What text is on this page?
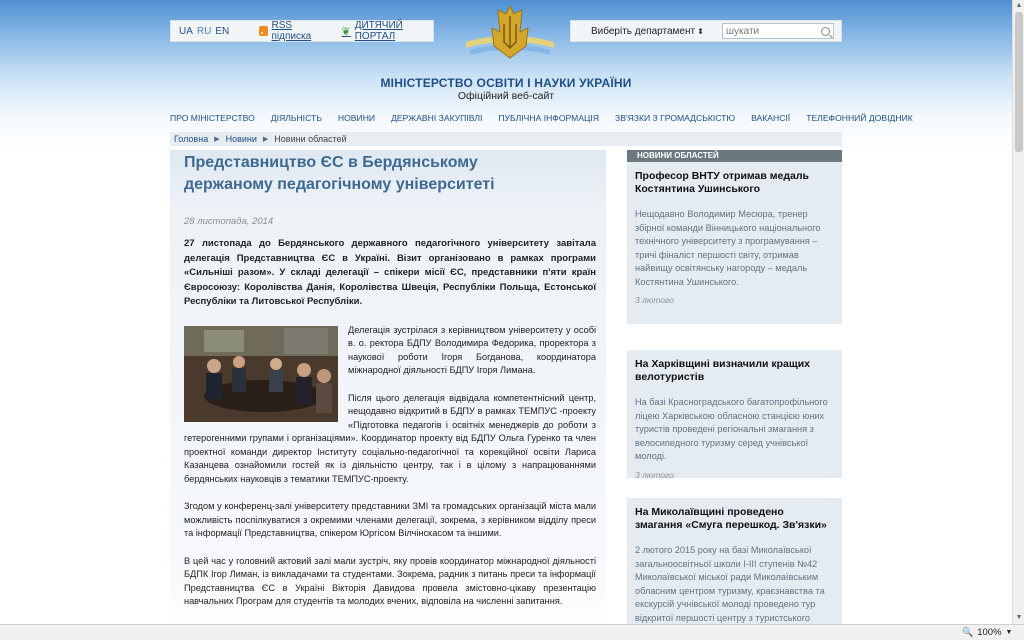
UA RU EN	RSS підписка	❦ ДИТЯЧИЙ ПОРТАЛ	Виберіть департамент ⬍
шукати
МІНІСТЕРСТВО ОСВІТИ І НАУКИ УКРАЇНИ
Офіційний веб-сайт
ПРО МІНІСТЕРСТВО ДІЯЛЬНІСТЬ НОВИНИ ДЕРЖАВНІ ЗАКУПІВЛІ ПУБЛІЧНА ІНФОРМАЦІЯ ЗВ'ЯЗКИ З ГРОМАДСЬКІСТЮ ВАКАНСІЇ ТЕЛЕФОННИЙ ДОВІДНИК
Головна ▶ Новини ▶ Новини областей
Представництво ЄС в Бердянському держаному педагогічному університеті
28 листопада, 2014
27 листопада до Бердянського державного педагогічного університету завітала делегація Представництва ЄС в Україні. Візит організовано в рамках програми «Сильніші разом». У складі делегації – спікери місії ЄС, представники п'яти країн Євросоюзу: Королівства Данія, Королівства Швеція, Республіки Польща, Естонської Республіки та Литовської Республіки.

Делегація зустрілася з керівництвом університету у особі в. о. ректора БДПУ Володимира Федорика, проректора з наукової роботи Ігоря Богданова, координатора міжнародної діяльності БДПУ Ігоря Лимана.

Після цього делегація відвідала компетентнісний центр, нещодавно відкритий в БДПУ в рамках ТЕМПУС -проекту «Підготовка педагогів і освітніх менеджерів до роботи з гетерогенними групами і організаціями». Координатор проекту від БДПУ Ольга Гуренко та член проектної команди директор Інституту соціально-педагогічної та корекційної освіти Лариса Казанцева ознайомили гостей як із діяльністю центру, так і в цілому з напрацюваннями бердянських науковців з тематики ТЕМПУС-проекту.

Згодом у конференц-залі університету представники ЗМІ та громадських організацій міста мали можливість поспілкуватися з окремими членами делегації, зокрема, з керівником відділу преси та інформації Представництва, спікером Юргісом Вілчінскасом та іншими.

В цей час у головний актовий залі мали зустріч, яку провів координатор міжнародної діяльності БДПК Ігор Лиман, із викладачами та студентами. Зокрема, радник з питань преси та інформації Представництва ЄС в Україні Вікторія Давидова провела змістовно-цікаву презентацію навчальних Програм для студентів та молодих вчених, відповіла на численні запитання.

НОВИНИ ОБЛАСТЕЙ
Професор ВНТУ отримав медаль Костянтина Ушинського
Нещодавно Володимир Месюра, тренер збірної команди Вінницького національного технічного університету з програмування – тричі фіналіст першості світу, отримав найвищу освітянську нагороду – медаль Костянтина Ушинського.
3 лютого
На Харківщині визначили кращих велотуристів
На базі Красноградського багатопрофільного ліцею Харківською обласною станцією юних туристів проведені регіональні змагання з велосипедного туризму серед учнівської молоді.
3 лютого
На Миколаївщині проведено змагання «Смуга перешкод. Зв'язки»
2 лютого 2015 року на базі Миколаївської загальноосвітньої школи І-ІІІ ступенів №42 Миколаївської міської ради Миколаївським обласним центром туризму, краєзнавства та екскурсій учнівської молоді проведено тур відкритої першості центру з туристського
▲
▼
🔍 100% ▼
